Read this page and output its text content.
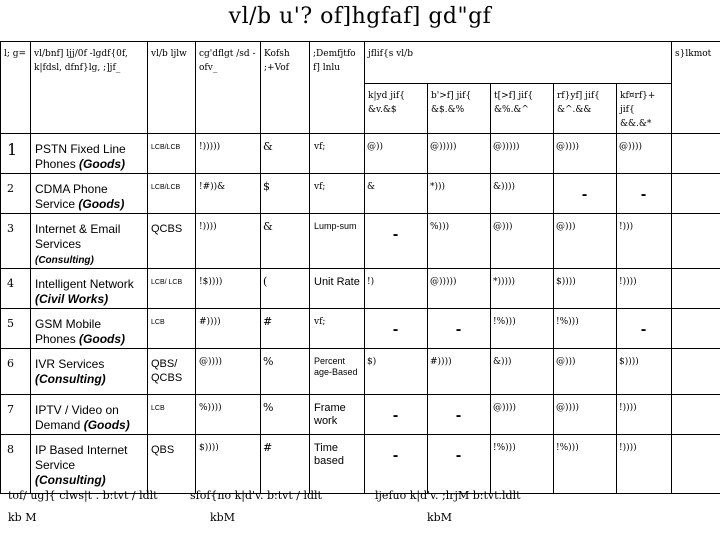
vl/b u'? of]hgfaf] gd"gf
l; g=	vl/bnf] ljj/0f -lgdf{0f, k|fdsl, dfnf}lg, ;]jf_	vl/b ljlw	cg'dflgt /sd -ofv_	Kofsh ;+Vof	;Demfjtfo f] lnlu	jflif{s vl/b					s}lkmot
						k|yd jif{ &v.&$	b'>f] jif{ &$.&%	t[>f] jif{ &%.&^	rf}yf] jif{ &^.&&	kf¤rf}+ jif{ &&.&*	
1	PSTN Fixed Line Phones (Goods)	LCB/LCB	!)))))	&	vf;	@))	@)))))	@)))))	@))))	@))))	
2	CDMA Phone Service (Goods)	LCB/LCB	!#))&	$	vf;	&	*)))	&))))	-	-	
3	Internet & Email Services (Consulting)	QCBS	!))))	&	Lump-sum	-	%)))	@)))	@)))	!)))	
4	Intelligent Network (Civil Works)	LCB/ LCB	!$))))	(	Unit Rate	!)	@)))))	*)))))	$))))	!))))	
5	GSM Mobile Phones (Goods)	LCB	#))))	#	vf;	-	-	!%)))	!%)))	-	
6	IVR Services (Consulting)	QBS/ QCBS	@))))	%	Percent age-Based	$)	#))))	&)))	@)))	$))))	
7	IPTV / Video on Demand (Goods)	LCB	%))))	%	Frame work	-	-	@))))	@))))	!))))	
8	IP Based Internet Service (Consulting)	QBS	$))))	#	Time based	-	-	!%)))	!%)))	!))))	
tof/ ug]{ clws|t . b:tvt / ldlt
kb M
sfof{no k|d'v. b:tvt / ldlt
kbM
ljefuo k|d'v. ;lrjM b:tvt.ldlt
kbM
